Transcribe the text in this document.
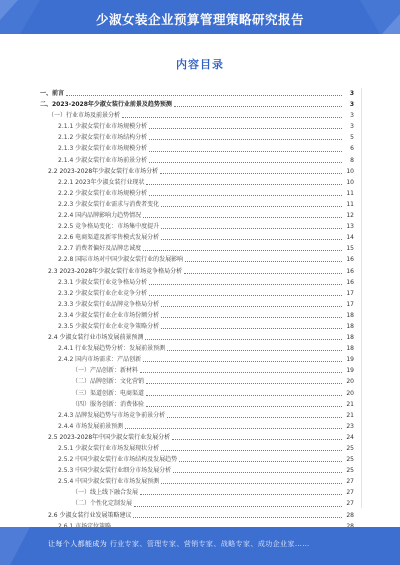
少淑女装企业预算管理策略研究报告
内容目录
一、前言	3
二、2023-2028年少淑女装行业前景及趋势预测	3
（一）行业市场及前景分析	3
2.1.1 少淑女装行业市场规模分析	3
2.1.2 少淑女装行业市场结构分析	5
2.1.3 少淑女装行业市场规模分析	6
2.1.4 少淑女装行业市场前景分析	8
2.2 2023-2028年少淑女装行业市场分析	10
2.2.1 2023年少淑女装行业现状	10
2.2.2 少淑女装行业市场规模分析	11
2.2.3 少淑女装行业需求与消费者变化	11
2.2.4 国内品牌影响力趋势情况	12
2.2.5 竞争格局变化：市场集中度提升	13
2.2.6 电商渠道及新零售模式发展分析	14
2.2.7 消费者偏好及品牌忠诚度	15
2.2.8 国际市场对中国少淑女装行业的发展影响	16
2.3 2023-2028年少淑女装行业市场竞争格局分析	16
2.3.1 少淑女装行业竞争格局分析	16
2.3.2 少淑女装行业企业竞争分析	17
2.3.3 少淑女装行业品牌竞争格局分析	17
2.3.4 少淑女装行业企业市场份额分析	18
2.3.5 少淑女装行业企业竞争策略分析	18
2.4 少淑女装行业市场发展前景预测	18
2.4.1 行业发展趋势分析：发展前景预测	18
2.4.2 国内市场需求：产品创新	19
（一）产品创新：新材料	19
（二）品牌创新：文化营销	20
（三）渠道创新：电商渠道	20
（四）服务创新：消费体验	21
2.4.3 品牌发展趋势与市场竞争前景分析	21
2.4.4 市场发展前景预测	23
2.5 2023-2028年中国少淑女装行业发展分析	24
2.5.1 少淑女装行业市场发展现状分析	25
2.5.2 中国少淑女装行业市场结构及发展趋势	25
2.5.3 中国少淑女装行业细分市场发展分析	25
2.5.4 中国少淑女装行业市场发展预测	27
（一）线上线下融合发展	27
（二）个性化定制发展	27
2.6 少淑女装行业发展策略建议	28
让每个人都能成为 行业专家、管理专家、营销专家、战略专家、成功企业家……
